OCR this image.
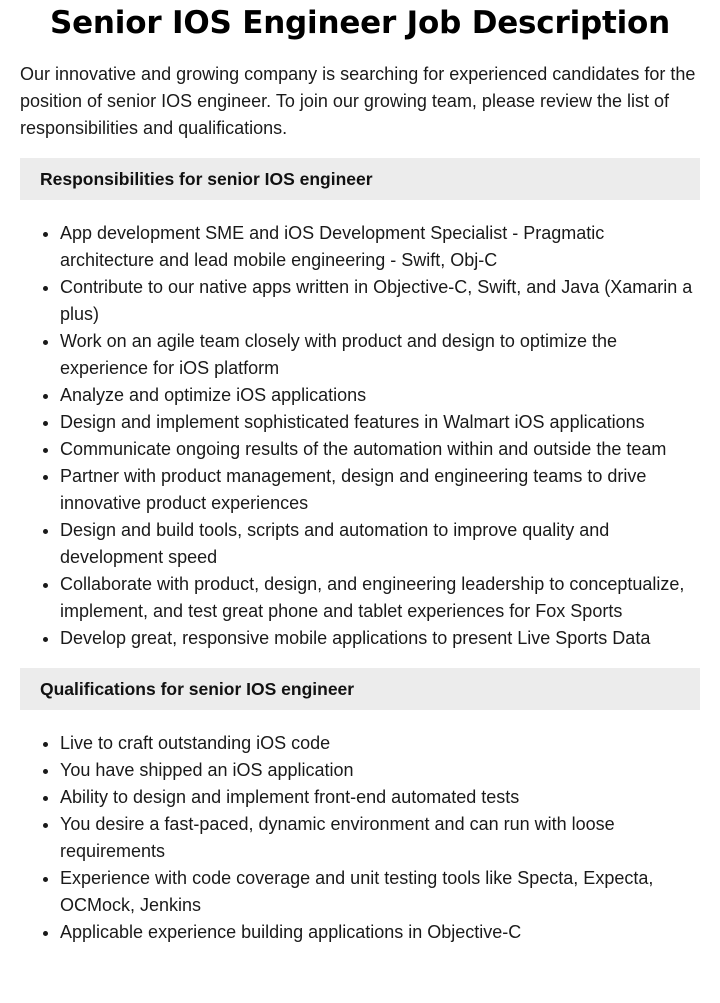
Senior IOS Engineer Job Description

Our innovative and growing company is searching for experienced candidates for the position of senior IOS engineer. To join our growing team, please review the list of responsibilities and qualifications.

Responsibilities for senior IOS engineer
• App development SME and iOS Development Specialist - Pragmatic architecture and lead mobile engineering - Swift, Obj-C
• Contribute to our native apps written in Objective-C, Swift, and Java (Xamarin a plus)
• Work on an agile team closely with product and design to optimize the experience for iOS platform
• Analyze and optimize iOS applications
• Design and implement sophisticated features in Walmart iOS applications
• Communicate ongoing results of the automation within and outside the team
• Partner with product management, design and engineering teams to drive innovative product experiences
• Design and build tools, scripts and automation to improve quality and development speed
• Collaborate with product, design, and engineering leadership to conceptualize, implement, and test great phone and tablet experiences for Fox Sports
• Develop great, responsive mobile applications to present Live Sports Data
Qualifications for senior IOS engineer
• Live to craft outstanding iOS code
• You have shipped an iOS application
• Ability to design and implement front-end automated tests
• You desire a fast-paced, dynamic environment and can run with loose requirements
• Experience with code coverage and unit testing tools like Specta, Expecta, OCMock, Jenkins
• Applicable experience building applications in Objective-C
